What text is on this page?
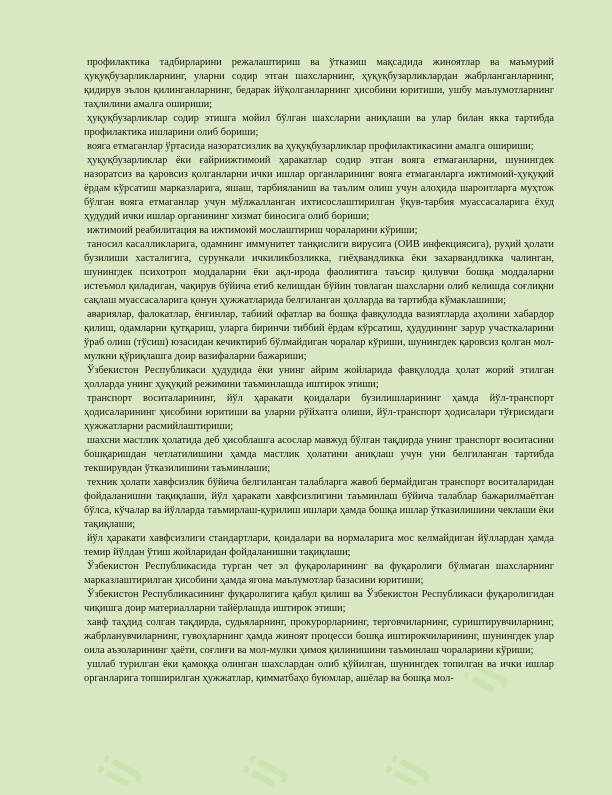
ij ij ij
ij

профилактика тадбирларини режалаштириш ва ўтказиш мақсадида жиноятлар ва маъмурий ҳуқуқбузарликларнинг, уларни содир этган шахсларнинг, ҳуқуқбузарликлардан жабрланганларнинг, қидирув эълон қилинганларнинг, бедарак йўқолганларнинг ҳисобини юритиши, ушбу маълумотларнинг таҳлилини амалга ошириши;

ҳуқуқбузарликлар содир этишга мойил бўлган шахсларни аниқлаши ва улар билан якка тартибда профилактика ишларини олиб бориши;

вояга етмаганлар ўртасида назоратсизлик ва ҳуқуқбузарликлар профилактикасини амалга ошириши;

ҳуқуқбузарликлар ёки ғайриижтимоий ҳаракатлар содир этган вояга етмаганларни, шунингдек назоратсиз ва қаровсиз қолганларни ички ишлар органларининг вояга етмаганларга ижтимоий-ҳуқуқий ёрдам кўрсатиш марказларига, яшаш, тарбияланиш ва таълим олиш учун алоҳида шароитларга муҳтож бўлган вояга етмаганлар учун мўлжалланган ихтисослаштирилган ўқув-тарбия муассасаларига ёхуд ҳудудий ички ишлар органининг хизмат биносига олиб бориши;

ижтимоий реабилитация ва ижтимоий мослаштириш чораларини кўриши;

таносил касалликларига, одамнинг иммунитет танқислиги вирусига (ОИВ инфекциясига), руҳий ҳолати бузилиши хасталигига, сурункали ичкиликбозликка, гиёҳвандликка ёки захарвандликка чалинган, шунингдек психотроп моддаларни ёки ақл-ирода фаолиятига таъсир қилувчи бошқа моддаларни истеъмол қиладиган, чақирув бўйича етиб келишдан бўйин товлаган шахсларни олиб келишда соғлиқни сақлаш муассасаларига қонун ҳужжатларида белгиланган ҳолларда ва тартибда кўмаклашиши;

авариялар, фалокатлар, ёнғинлар, табиий офатлар ва бошқа фавқулодда вазиятларда аҳолини хабардор қилиш, одамларни қутқариш, уларга биринчи тиббий ёрдам кўрсатиш, ҳудудининг зарур участкаларини ўраб олиш (тўсиш) юзасидан кечиктириб бўлмайдиган чоралар кўриши, шунингдек қаровсиз қолган мол-мулкни қўриқлашга доир вазифаларни бажариши;

Ўзбекистон Республикаси ҳудудида ёки унинг айрим жойларида фавқулодда ҳолат жорий этилган ҳолларда унинг ҳуқуқий режимини таъминлашда иштирок этиши;

транспорт воситаларининг, йўл ҳаракати қоидалари бузилишларининг ҳамда йўл-транспорт ҳодисаларининг ҳисобини юритиши ва уларни рўйхатга олиши, йўл-транспорт ҳодисалари тўғрисидаги ҳужжатларни расмийлаштириши;

шахсни мастлик ҳолатида деб ҳисоблашга асослар мавжуд бўлган тақдирда унинг транспорт воситасини бошқаришдан четлатилишини ҳамда мастлик ҳолатини аниқлаш учун уни белгиланган тартибда текширувдан ўтказилишини таъминлаши;

техник ҳолати хавфсизлик бўйича белгиланган талабларга жавоб бермайдиган транспорт воситаларидан фойдаланишни тақиқлаши, йўл ҳаракати хавфсизлигини таъминлаш бўйича талаблар бажарилмаётган бўлса, кўчалар ва йўлларда таъмирлаш-қурилиш ишлари ҳамда бошқа ишлар ўтказилишини чеклаши ёки тақиқлаши;

йўл ҳаракати хавфсизлиги стандартлари, қоидалари ва нормаларига мос келмайдиган йўллардан ҳамда темир йўлдан ўтиш жойларидан фойдаланишни тақиқлаши;

Ўзбекистон Республикасида турган чет эл фуқароларининг ва фуқаролиги бўлмаган шахсларнинг марказлаштирилган ҳисобини ҳамда ягона маълумотлар базасини юритиши;

Ўзбекистон Республикасининг фуқаролигига қабул қилиш ва Ўзбекистон Республикаси фуқаролигидан чиқишга доир материалларни тайёрлашда иштирок этиши;

хавф таҳдид солган тақдирда, судьяларнинг, прокурорларнинг, терговчиларнинг, суриштирувчиларнинг, жабрланувчиларнинг, гувоҳларнинг ҳамда жиноят процесси бошқа иштирокчиларининг, шунингдек улар оила аъзоларининг ҳаёти, соғлиғи ва мол-мулки ҳимоя қилинишини таъминлаш чораларини кўриши;

ушлаб турилган ёки қамоққа олинган шахслардан олиб қўйилган, шунингдек топилган ва ички ишлар органларига топширилган ҳужжатлар, қимматбаҳо буюмлар, ашёлар ва бошқа мол-
